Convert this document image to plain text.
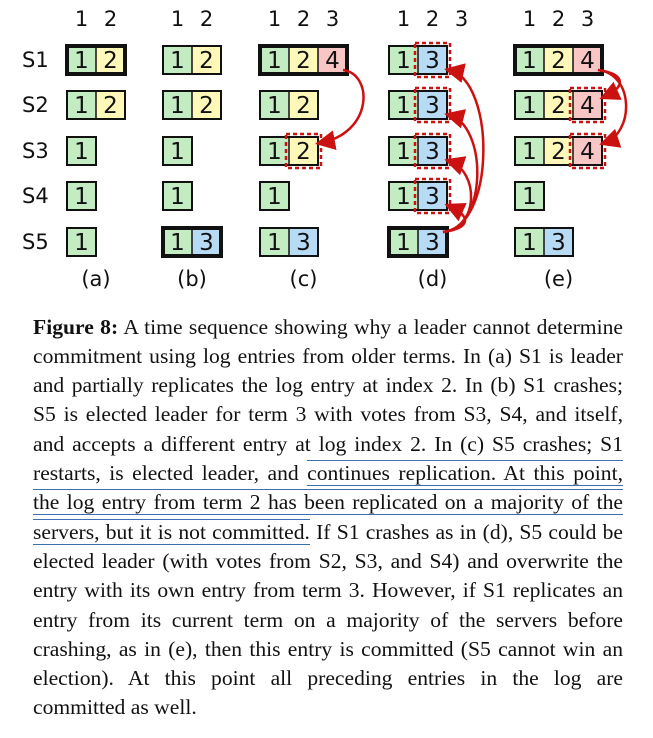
S1
S2
S3
S4
S5
1 2
(a)
1 2
1 2
1
1
1
1 2
(b)
1 2
1 2
1
1
1 3
1 2 3
(c)
1 2 4
1 2
1 2
1
1 3
1 2 3
(d)
1 3
1 3
1 3
1 3
1 3
1 2 3
(e)
1 2 4
1 2 4
1 2 4
1
1 3

Figure 8: A time sequence showing why a leader cannot determine commitment using log entries from older terms. In (a) S1 is leader and partially replicates the log entry at index 2. In (b) S1 crashes; S5 is elected leader for term 3 with votes from S3, S4, and itself, and accepts a different entry at log index 2. In (c) S5 crashes; S1 restarts, is elected leader, and continues replication. At this point, the log entry from term 2 has been replicated on a majority of the servers, but it is not committed. If S1 crashes as in (d), S5 could be elected leader (with votes from S2, S3, and S4) and overwrite the entry with its own entry from term 3. However, if S1 replicates an entry from its current term on a majority of the servers before crashing, as in (e), then this entry is committed (S5 cannot win an election). At this point all preceding entries in the log are committed as well.
